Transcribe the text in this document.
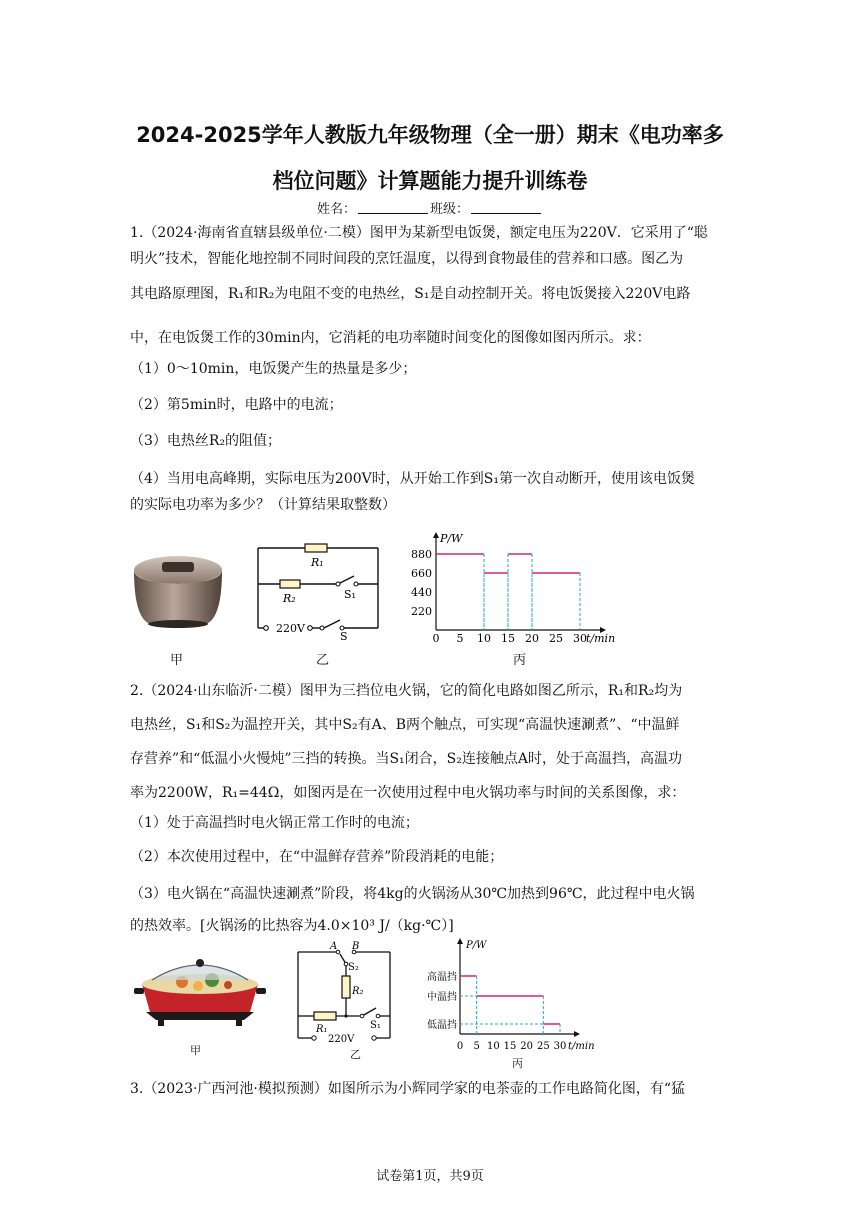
2024-2025学年人教版九年级物理（全一册）期末《电功率多
档位问题》计算题能力提升训练卷
姓名：	班级：
1.（2024·海南省直辖县级单位·二模）图甲为某新型电饭煲，额定电压为220V．它采用了“聪
明火”技术，智能化地控制不同时间段的烹饪温度，以得到食物最佳的营养和口感。图乙为
其电路原理图，R₁和R₂为电阻不变的电热丝，S₁是自动控制开关。将电饭煲接入220V电路
中，在电饭煲工作的30min内，它消耗的电功率随时间变化的图像如图丙所示。求：
（1）0～10min，电饭煲产生的热量是多少；
（2）第5min时，电路中的电流；
（3）电热丝R₂的阻值；
（4）当用电高峰期，实际电压为200V时，从开始工作到S₁第一次自动断开，使用该电饭煲
的实际电功率为多少？（计算结果取整数）
甲
R₁
R₂	S₁
220V
S
乙
P/W
t/min
0 5 10 15 20 25 30
880
660
440
220
丙
2.（2024·山东临沂·二模）图甲为三挡位电火锅，它的简化电路如图乙所示，R₁和R₂均为
电热丝，S₁和S₂为温控开关，其中S₂有A、B两个触点，可实现“高温快速涮煮”、“中温鲜
存营养”和“低温小火慢炖”三挡的转换。当S₁闭合，S₂连接触点A时，处于高温挡，高温功
率为2200W，R₁=44Ω，如图丙是在一次使用过程中电火锅功率与时间的关系图像，求：
（1）处于高温挡时电火锅正常工作时的电流；
（2）本次使用过程中，在“中温鲜存营养”阶段消耗的电能；
（3）电火锅在“高温快速涮煮”阶段，将4kg的火锅汤从30℃加热到96℃，此过程中电火锅
的热效率。[火锅汤的比热容为4.0×10³ J/（kg·℃）]
甲
A B
S₂
R₂
R₁	S₁
220V
乙
P/W
t/min
0 5 10 15 20 25 30
高温挡
中温挡
低温挡
丙
3.（2023·广西河池·模拟预测）如图所示为小辉同学家的电茶壶的工作电路简化图，有“猛
试卷第1页，共9页
